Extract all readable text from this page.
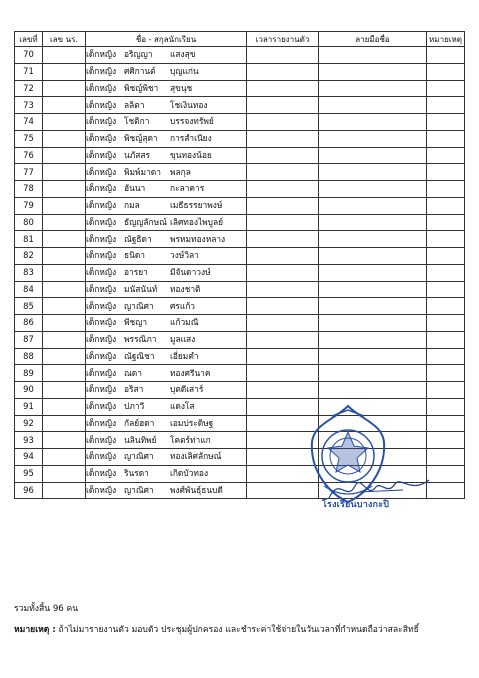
เลขที่	เลข นร.	ชื่อ - สกุลนักเรียน	เวลารายงานตัว	ลายมือชื่อ	หมายเหตุ
70		เด็กหญิง อริญญา แสงสุข			
71		เด็กหญิง ศศิกานต์ บุญแก่น			
72		เด็กหญิง พิชญ์พิชา สุขนุช			
73		เด็กหญิง ลลิตา โชเงินทอง			
74		เด็กหญิง โชติกา บรรจงทรัพย์			
75		เด็กหญิง พิชญ์สุดา การสำเนียง			
76		เด็กหญิง นภัสสร ขุนทองน้อย			
77		เด็กหญิง พิมพ์มาดา พลกุล			
78		เด็กหญิง ฮันนา กะลาคาร			
79		เด็กหญิง กมล เมธีธรรยาพงษ์			
80		เด็กหญิง ธัญญลักษณ์ เลิศทองไพบูลย์			
81		เด็กหญิง ณัฐธิดา พรหมทองหลาง			
82		เด็กหญิง ธนิดา วงษ์วิลา			
83		เด็กหญิง อารยา มีจันดาวงษ์			
84		เด็กหญิง มนัสนันท์ ทองชาติ			
85		เด็กหญิง ญาณิศา ศรแก้ว			
86		เด็กหญิง พีชญา แก้วมณี			
87		เด็กหญิง พรรณิภา มูลแสง			
88		เด็กหญิง ณัฐณิชา เอี่ยมคำ			
89		เด็กหญิง ณดา ทองศรีนาค			
90		เด็กหญิง อริสา บุตดีเสาร์			
91		เด็กหญิง ปภาวี แดงโส			
92		เด็กหญิง กัลย์ฮดา เอมประดิษฐ			
93		เด็กหญิง นลินทิพย์ โคตร์ท่าแก			
94		เด็กหญิง ญาณิศา ทองเลิศลักษณ์			
95		เด็กหญิง รินรดา เกิดบัวทอง			
96		เด็กหญิง ญาณิศา พงศ์พันธุ์ธนบดี			
รวมทั้งสิ้น 96 คน
หมายเหตุ : ถ้าไม่มารายงานตัว มอบตัว ประชุมผู้ปกครอง และชำระค่าใช้จ่ายในวันเวลาที่กำหนดถือว่าสละสิทธิ์
โรงเรียนบางกะปิ
